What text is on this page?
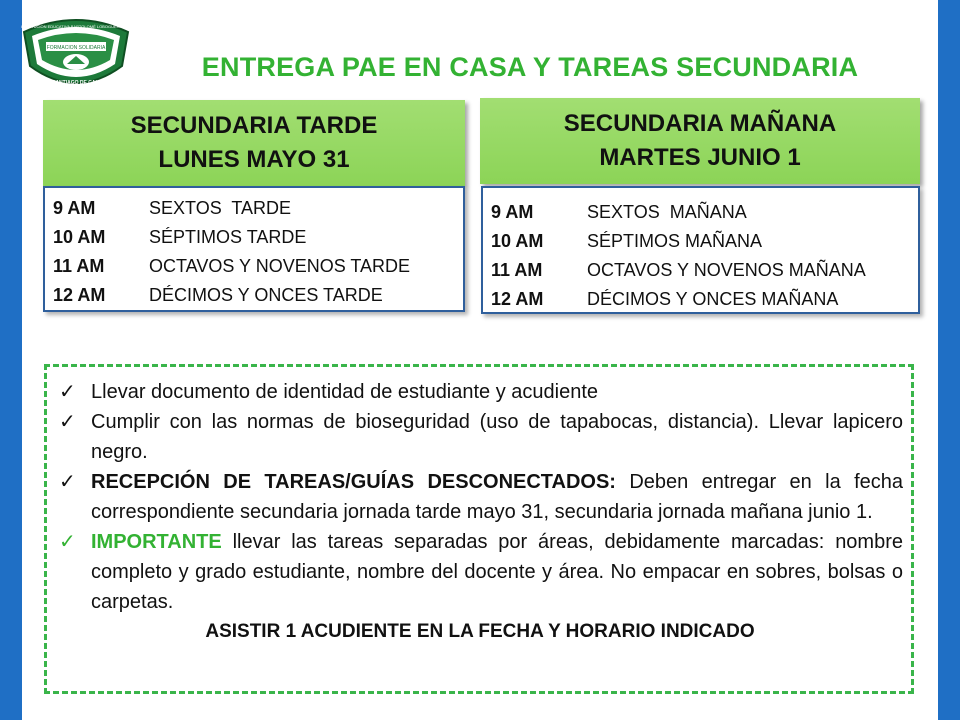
FORMACION SOLIDARIA
INSTITUCION EDUCATIVA BARTOLOMÉ LOBOGUERRERO
SANTIAGO DE CALI
ENTREGA PAE EN CASA Y TAREAS SECUNDARIA
SECUNDARIA TARDE
LUNES MAYO 31
9 AM	SEXTOS  TARDE
10 AM	SÉPTIMOS TARDE
11 AM	OCTAVOS Y NOVENOS TARDE
12 AM	DÉCIMOS Y ONCES TARDE
SECUNDARIA MAÑANA
MARTES JUNIO 1
9 AM	SEXTOS  MAÑANA
10 AM	SÉPTIMOS MAÑANA
11 AM	OCTAVOS Y NOVENOS MAÑANA
12 AM	DÉCIMOS Y ONCES MAÑANA
✓ Llevar documento de identidad de estudiante y acudiente
✓ Cumplir con las normas de bioseguridad (uso de tapabocas, distancia). Llevar lapicero negro.
✓ RECEPCIÓN DE TAREAS/GUÍAS DESCONECTADOS: Deben entregar en la fecha correspondiente secundaria jornada tarde mayo 31, secundaria jornada mañana junio 1.
✓ IMPORTANTE llevar las tareas separadas por áreas, debidamente marcadas: nombre completo y grado estudiante, nombre del docente y área. No empacar en sobres, bolsas o carpetas.
ASISTIR 1 ACUDIENTE EN LA FECHA Y HORARIO INDICADO
